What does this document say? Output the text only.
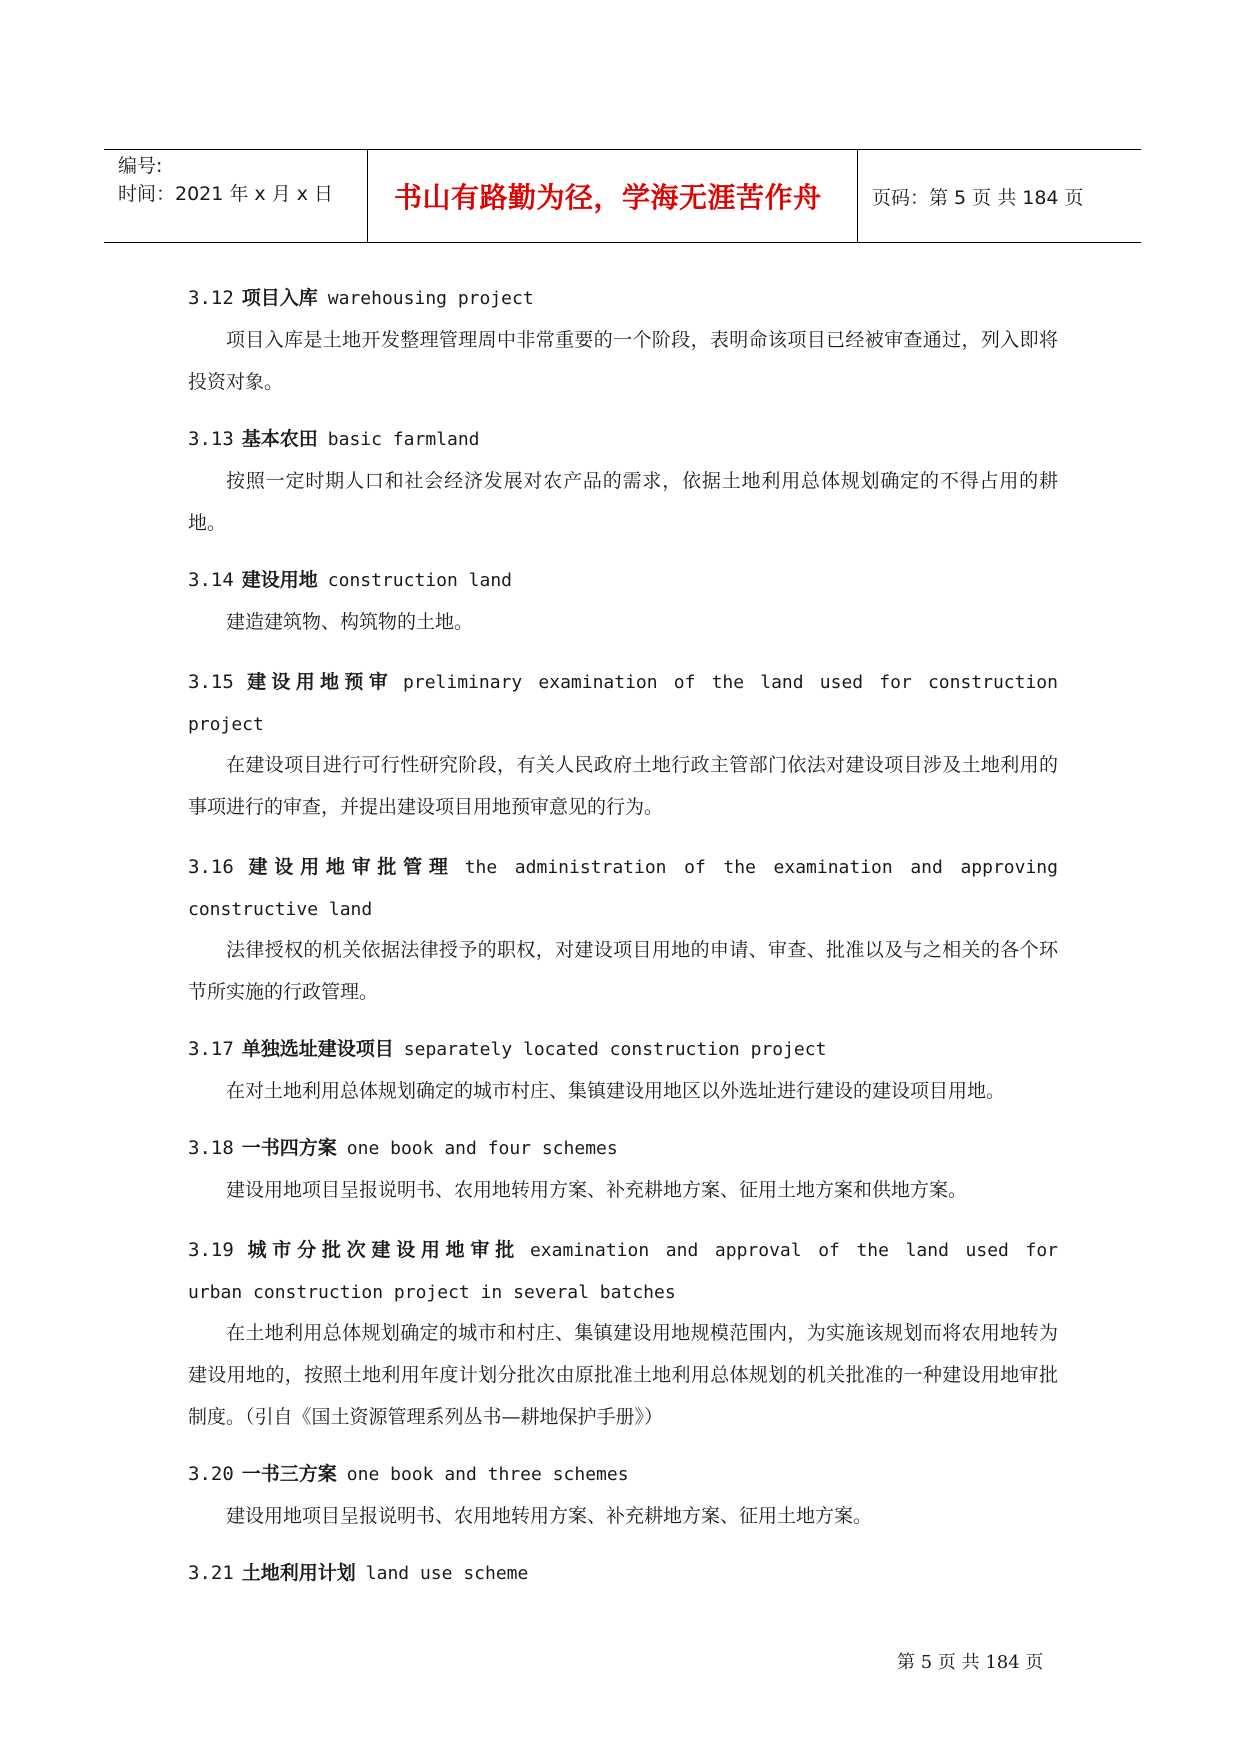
编号:
时间：2021 年 x 月 x 日	书山有路勤为径，学海无涯苦作舟	页码：第 5 页 共 184 页
3.12 项目入库 warehousing project

项目入库是土地开发整理管理周中非常重要的一个阶段，表明命该项目已经被审查通过，列入即将投资对象。

3.13 基本农田 basic farmland

按照一定时期人口和社会经济发展对农产品的需求，依据土地利用总体规划确定的不得占用的耕地。

3.14 建设用地 construction land

建造建筑物、构筑物的土地。

3.15 建设用地预审 preliminary examination of the land used for construction
project

在建设项目进行可行性研究阶段，有关人民政府土地行政主管部门依法对建设项目涉及土地利用的事项进行的审查，并提出建设项目用地预审意见的行为。

3.16 建设用地审批管理 the administration of the examination and approving
constructive land

法律授权的机关依据法律授予的职权，对建设项目用地的申请、审查、批准以及与之相关的各个环节所实施的行政管理。

3.17 单独选址建设项目 separately located construction project

在对土地利用总体规划确定的城市村庄、集镇建设用地区以外选址进行建设的建设项目用地。

3.18 一书四方案 one book and four schemes

建设用地项目呈报说明书、农用地转用方案、补充耕地方案、征用土地方案和供地方案。

3.19 城市分批次建设用地审批 examination and approval of the land used for
urban construction project in several batches

在土地利用总体规划确定的城市和村庄、集镇建设用地规模范围内，为实施该规划而将农用地转为建设用地的，按照土地利用年度计划分批次由原批准土地利用总体规划的机关批准的一种建设用地审批制度。（引自《国土资源管理系列丛书—耕地保护手册》）

3.20 一书三方案 one book and three schemes

建设用地项目呈报说明书、农用地转用方案、补充耕地方案、征用土地方案。

3.21 土地利用计划 land use scheme
第 5 页 共 184 页
